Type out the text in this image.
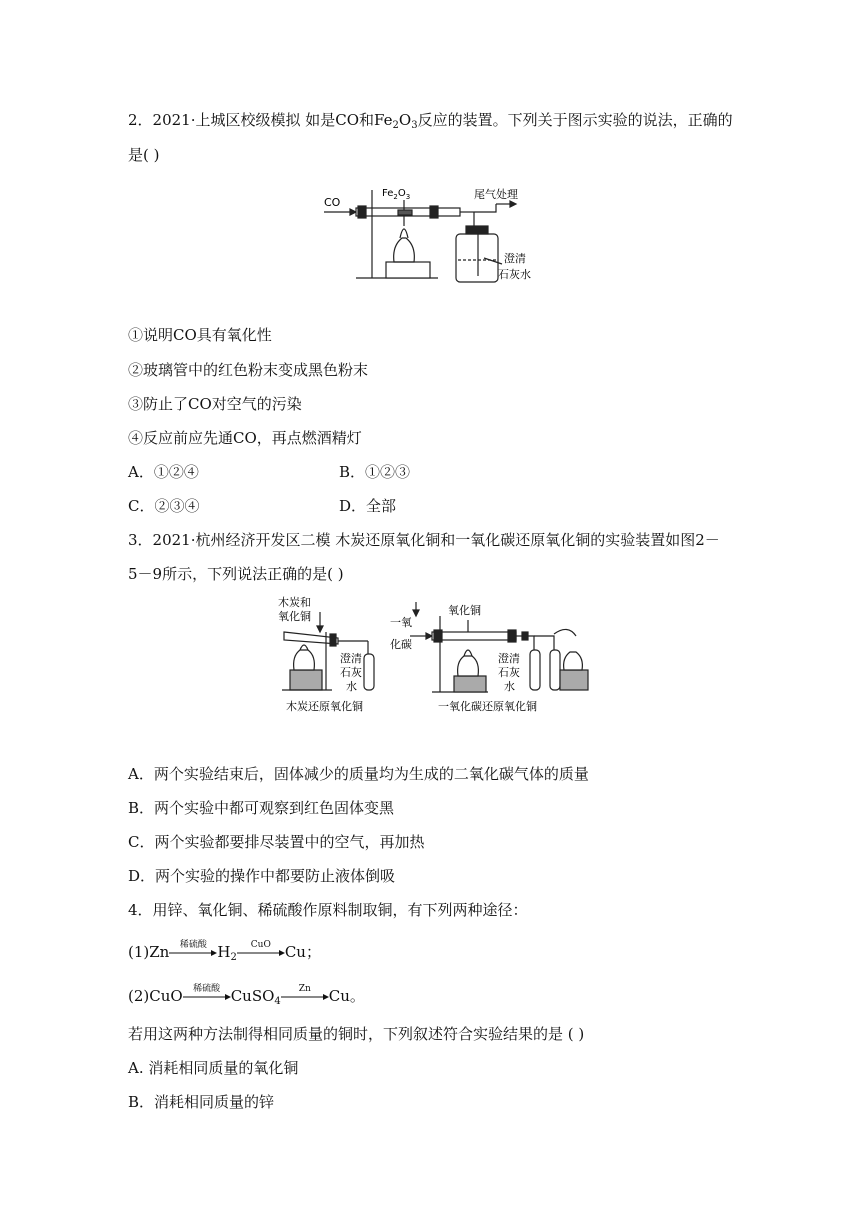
2．2021·上城区校级模拟 如是CO和$Fe_2O_3$反应的装置。下列关于图示实验的说法，正确的
是( )
CO
$Fe_2O_3$	尾气处理
澄清
石灰水
①说明CO具有氧化性
②玻璃管中的红色粉末变成黑色粉末
③防止了CO对空气的污染
④反应前应先通CO，再点燃酒精灯
A．①②④	B．①②③
C．②③④	D．全部
3．2021·杭州经济开发区二模 木炭还原氧化铜和一氧化碳还原氧化铜的实验装置如图2－
5－9所示，下列说法正确的是( )
木炭和
氧化铜
澄清
石灰
水
木炭还原氧化铜
一氧
化碳
氧化铜
澄清
石灰
水
一氧化碳还原氧化铜
A．两个实验结束后，固体减少的质量均为生成的二氧化碳气体的质量
B．两个实验中都可观察到红色固体变黑
C．两个实验都要排尽装置中的空气，再加热
D．两个实验的操作中都要防止液体倒吸
4．用锌、氧化铜、稀硫酸作原料制取铜，有下列两种途径：
(1)Zn	稀硫酸 $H_2$
CuO Cu；
(2)CuO	稀硫酸 CuSO$_4$
Zn	Cu。
若用这两种方法制得相同质量的铜时，下列叙述符合实验结果的是 ( )
A. 消耗相同质量的氧化铜
B．消耗相同质量的锌
